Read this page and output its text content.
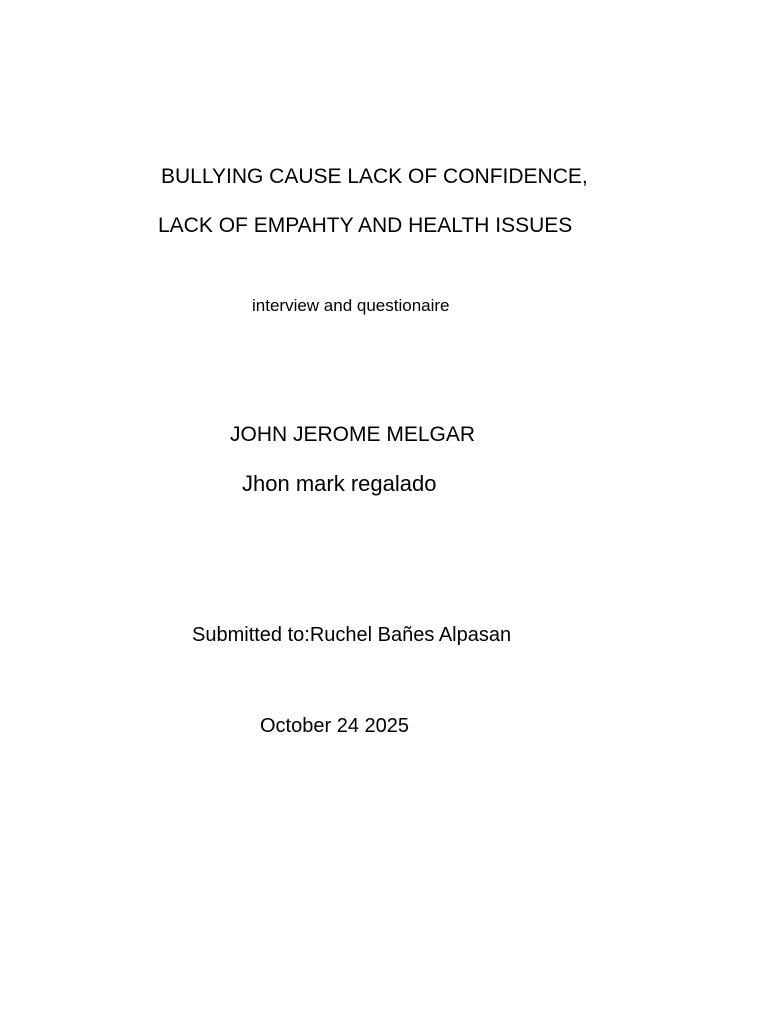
BULLYING CAUSE LACK OF CONFIDENCE,
LACK OF EMPAHTY AND HEALTH ISSUES
interview and questionaire
JOHN JEROME MELGAR
Jhon mark regalado
Submitted to:Ruchel Bañes Alpasan
October 24 2025
